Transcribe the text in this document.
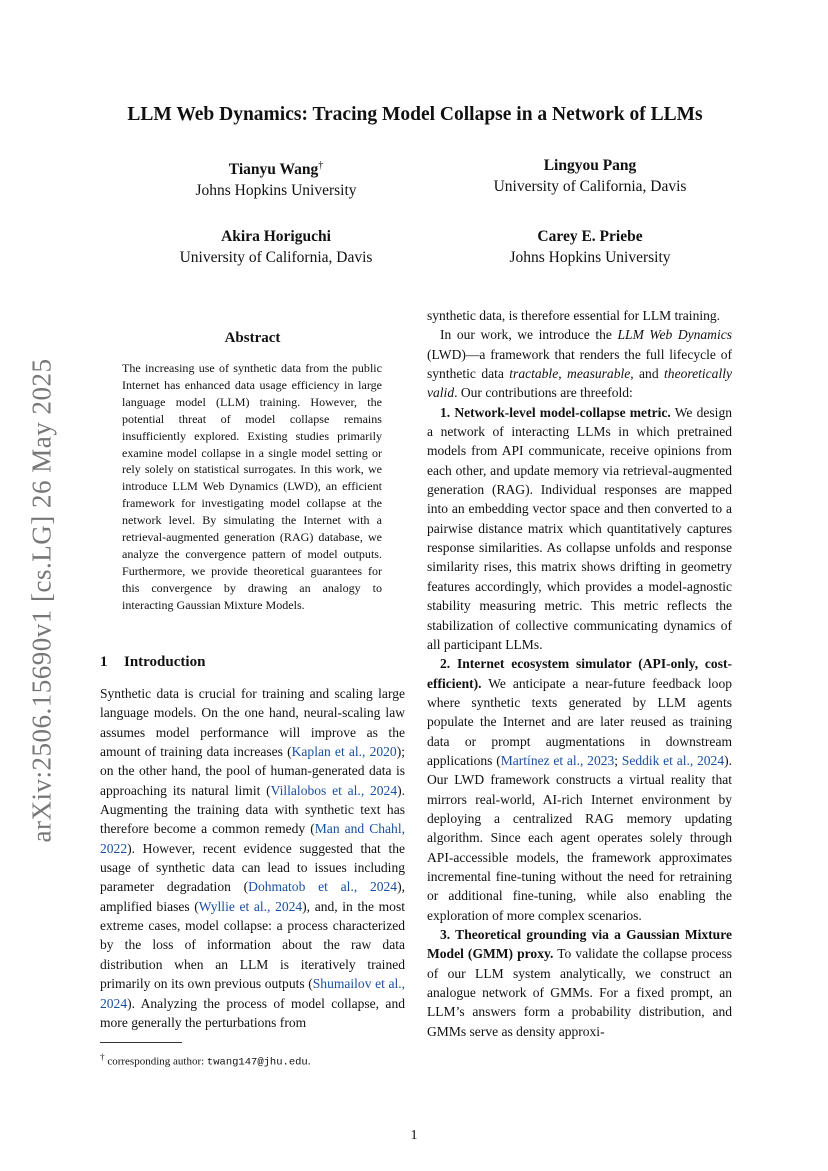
arXiv:2506.15690v1 [cs.LG] 26 May 2025
LLM Web Dynamics: Tracing Model Collapse in a Network of LLMs
Tianyu Wang†
Johns Hopkins University
Lingyou Pang
University of California, Davis
Akira Horiguchi
University of California, Davis
Carey E. Priebe
Johns Hopkins University
Abstract
The increasing use of synthetic data from the public Internet has enhanced data usage efficiency in large language model (LLM) training. However, the potential threat of model collapse remains insufficiently explored. Existing studies primarily examine model collapse in a single model setting or rely solely on statistical surrogates. In this work, we introduce LLM Web Dynamics (LWD), an efficient framework for investigating model collapse at the network level. By simulating the Internet with a retrieval-augmented generation (RAG) database, we analyze the convergence pattern of model outputs. Furthermore, we provide theoretical guarantees for this convergence by drawing an analogy to interacting Gaussian Mixture Models.
1 Introduction

Synthetic data is crucial for training and scaling large language models. On the one hand, neural-scaling law assumes model performance will improve as the amount of training data increases (Kaplan et al., 2020); on the other hand, the pool of human-generated data is approaching its natural limit (Villalobos et al., 2024). Augmenting the training data with synthetic text has therefore become a common remedy (Man and Chahl, 2022). However, recent evidence suggested that the usage of synthetic data can lead to issues including parameter degradation (Dohmatob et al., 2024), amplified biases (Wyllie et al., 2024), and, in the most extreme cases, model collapse: a process characterized by the loss of information about the raw data distribution when an LLM is iteratively trained primarily on its own previous outputs (Shumailov et al., 2024). Analyzing the process of model collapse, and more generally the perturbations from

† corresponding author: twang147@jhu.edu.

synthetic data, is therefore essential for LLM training.

In our work, we introduce the LLM Web Dynamics (LWD)—a framework that renders the full lifecycle of synthetic data tractable, measurable, and theoretically valid. Our contributions are threefold:

1. Network-level model-collapse metric. We design a network of interacting LLMs in which pretrained models from API communicate, receive opinions from each other, and update memory via retrieval-augmented generation (RAG). Individual responses are mapped into an embedding vector space and then converted to a pairwise distance matrix which quantitatively captures response similarities. As collapse unfolds and response similarity rises, this matrix shows drifting in geometry features accordingly, which provides a model-agnostic stability measuring metric. This metric reflects the stabilization of collective communicating dynamics of all participant LLMs.

2. Internet ecosystem simulator (API-only, cost-efficient). We anticipate a near-future feedback loop where synthetic texts generated by LLM agents populate the Internet and are later reused as training data or prompt augmentations in downstream applications (Martínez et al., 2023; Seddik et al., 2024). Our LWD framework constructs a virtual reality that mirrors real-world, AI-rich Internet environment by deploying a centralized RAG memory updating algorithm. Since each agent operates solely through API-accessible models, the framework approximates incremental fine-tuning without the need for retraining or additional fine-tuning, while also enabling the exploration of more complex scenarios.

3. Theoretical grounding via a Gaussian Mixture Model (GMM) proxy. To validate the collapse process of our LLM system analytically, we construct an analogue network of GMMs. For a fixed prompt, an LLM’s answers form a probability distribution, and GMMs serve as density approxi-

1
